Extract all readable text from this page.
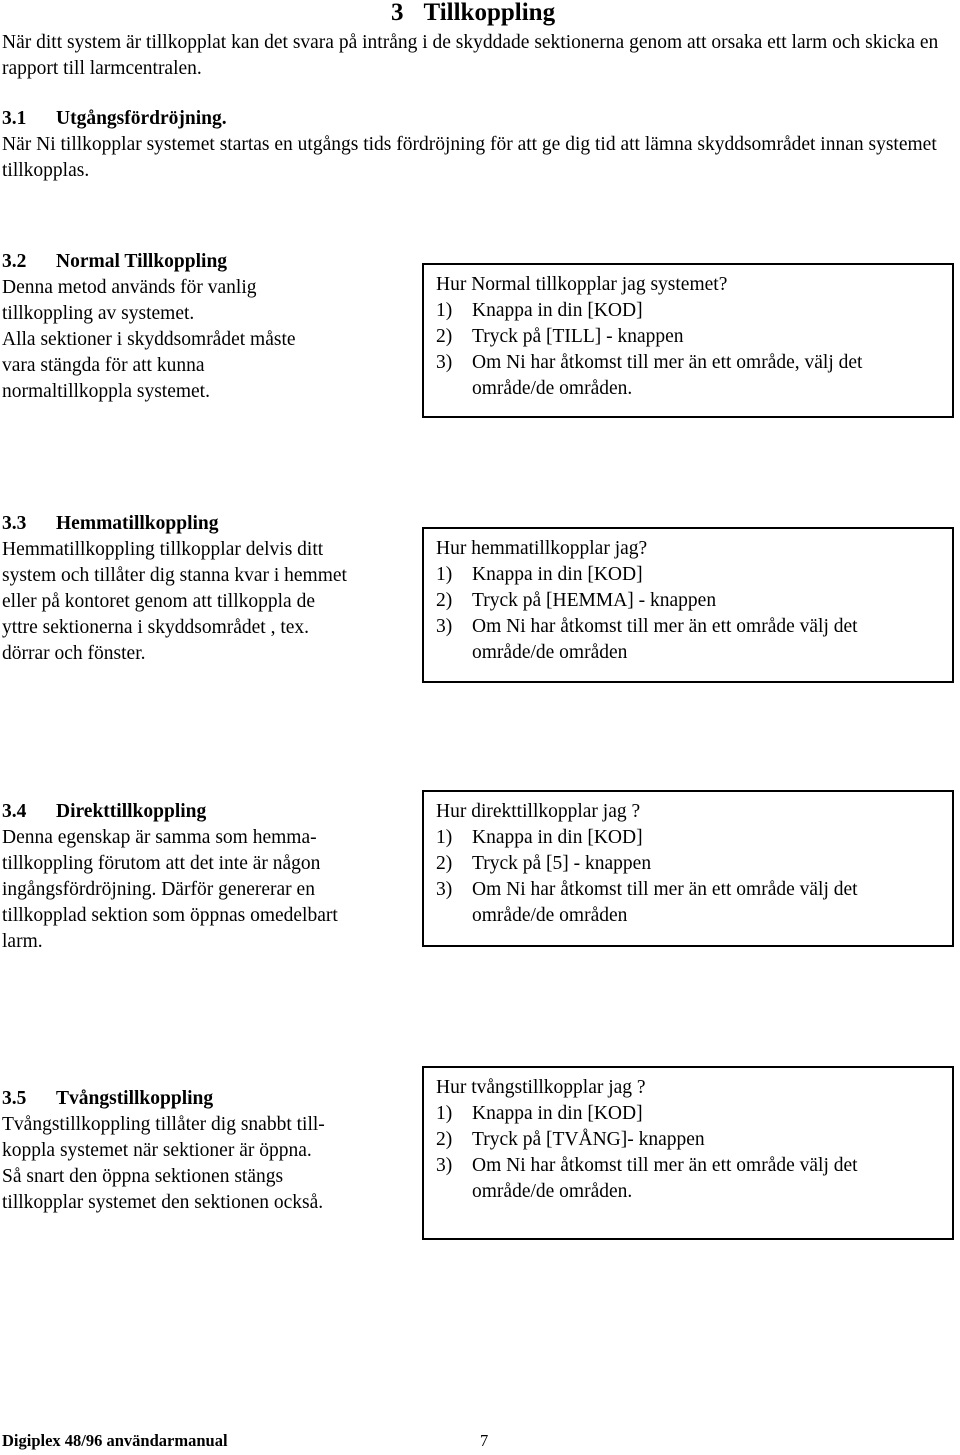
3 Tillkoppling
När ditt system är tillkopplat kan det svara på intrång i de skyddade sektionerna genom att orsaka ett larm och skicka en rapport till larmcentralen.

3.1 Utgångsfördröjning.

När Ni tillkopplar systemet startas en utgångs tids fördröjning för att ge dig tid att lämna skyddsområdet innan systemet tillkopplas.

3.2 Normal Tillkoppling

Denna metod används för vanlig

tillkoppling av systemet.

Alla sektioner i skyddsområdet måste

vara stängda för att kunna

normaltillkoppla systemet.

Hur Normal tillkopplar jag systemet?

1) Knappa in din [KOD]
2) Tryck på [TILL] - knappen
3) Om Ni har åtkomst till mer än ett område, välj det område/de områden.

3.3 Hemmatillkoppling

Hemmatillkoppling tillkopplar delvis ditt

system och tillåter dig stanna kvar i hemmet

eller på kontoret genom att tillkoppla de

yttre sektionerna i skyddsområdet , tex.

dörrar och fönster.

Hur hemmatillkopplar jag?

1) Knappa in din [KOD]
2) Tryck på [HEMMA] - knappen
3) Om Ni har åtkomst till mer än ett område välj det område/de områden

3.4 Direkttillkoppling

Denna egenskap är samma som hemma-

tillkoppling förutom att det inte är någon

ingångsfördröjning. Därför genererar en

tillkopplad sektion som öppnas omedelbart

larm.

Hur direkttillkopplar jag ?

1) Knappa in din [KOD]
2) Tryck på [5] - knappen
3) Om Ni har åtkomst till mer än ett område välj det område/de områden

3.5 Tvångstillkoppling

Tvångstillkoppling tillåter dig snabbt till-

koppla systemet när sektioner är öppna.

Så snart den öppna sektionen stängs

tillkopplar systemet den sektionen också.

Hur tvångstillkopplar jag ?

1) Knappa in din [KOD]
2) Tryck på [TVÅNG]- knappen
3) Om Ni har åtkomst till mer än ett område välj det område/de områden.
Digiplex 48/96 användarmanual	7
